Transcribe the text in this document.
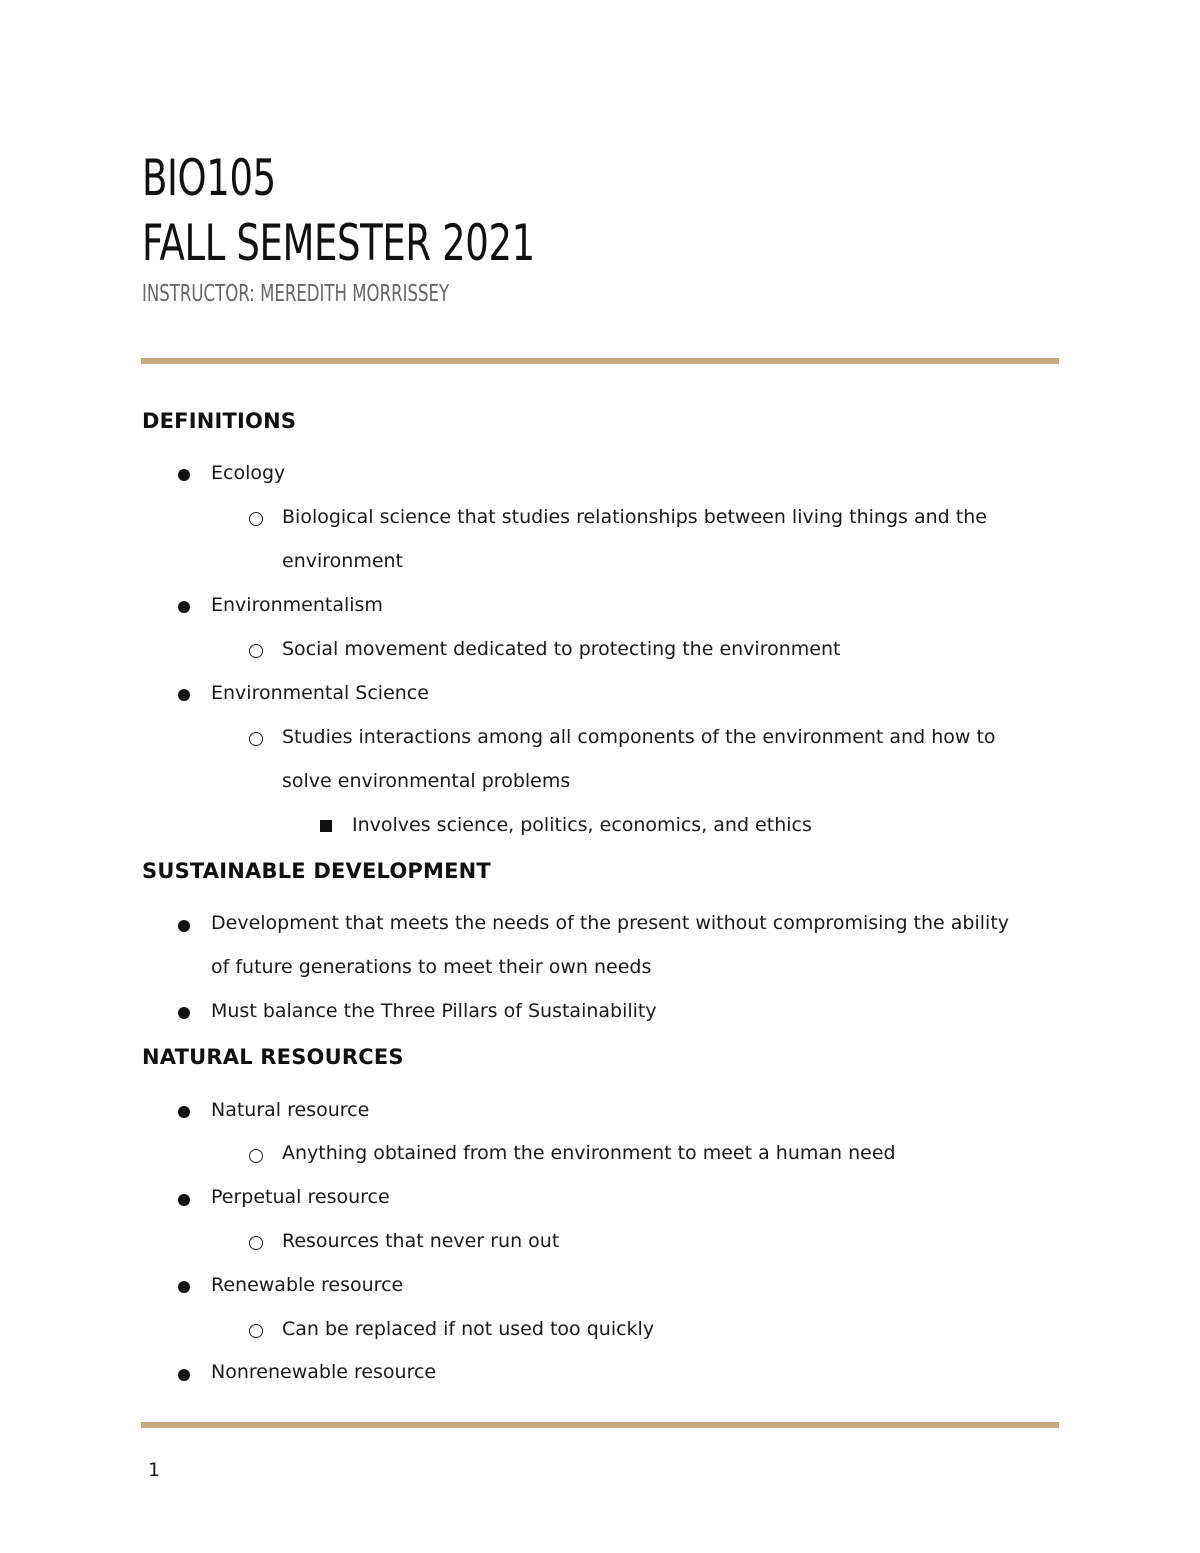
BIO105
FALL SEMESTER 2021
INSTRUCTOR: MEREDITH MORRISSEY
DEFINITIONS
Ecology
Biological science that studies relationships between living things and the
environment
Environmentalism
Social movement dedicated to protecting the environment
Environmental Science
Studies interactions among all components of the environment and how to
solve environmental problems
Involves science, politics, economics, and ethics
SUSTAINABLE DEVELOPMENT
Development that meets the needs of the present without compromising the ability
of future generations to meet their own needs
Must balance the Three Pillars of Sustainability
NATURAL RESOURCES
Natural resource
Anything obtained from the environment to meet a human need
Perpetual resource
Resources that never run out
Renewable resource
Can be replaced if not used too quickly
Nonrenewable resource
1
